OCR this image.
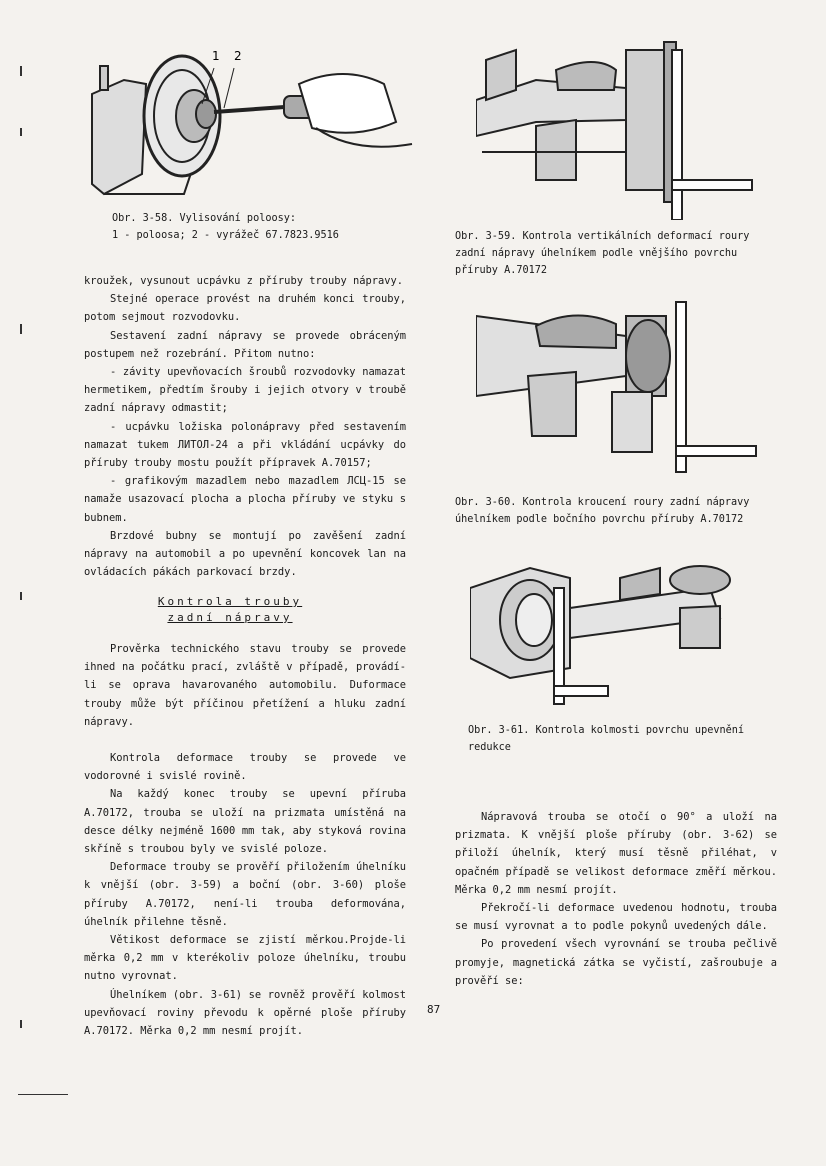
1 2
Obr. 3-58. Vylisování poloosy:
1 - poloosa; 2 - vyrážeč 67.7823.9516	Obr. 3-59. Kontrola vertikálních deformací roury
zadní nápravy úhelníkem podle vnějšího povrchu
příruby A.70172
Obr. 3-60. Kontrola kroucení roury zadní nápravy
úhelníkem podle bočního povrchu příruby A.70172
Obr. 3-61. Kontrola kolmosti povrchu upevnění
redukce

kroužek, vysunout ucpávku z příruby trouby nápravy.

Stejné operace provést na druhém konci trouby, potom sejmout rozvodovku.

Sestavení zadní nápravy se provede obráceným postupem než rozebrání. Přitom nutno:

- závity upevňovacích šroubů rozvodovky namazat hermetikem, předtím šrouby i jejich otvory v troubě zadní nápravy odmastit;

- ucpávku ložiska polonápravy před sestavením namazat tukem ЛИТОЛ-24 a při vkládání ucpávky do příruby trouby mostu použít přípravek A.70157;

- grafikovým mazadlem nebo mazadlem ЛСЦ-15 se namaže usazovací plocha a plocha příruby ve styku s bubnem.

Brzdové bubny se montují po zavěšení zadní nápravy na automobil a po upevnění koncovek lan na ovládacích pákách parkovací brzdy.

Kontrola trouby
zadní nápravy

Prověrka technického stavu trouby se provede ihned na počátku prací, zvláště v případě, provádí-li se oprava havarovaného automobilu. Duformace trouby může být příčinou přetížení a hluku zadní nápravy.

Kontrola deformace trouby se provede ve vodorovné i svislé rovině.

Na každý konec trouby se upevní příruba A.70172, trouba se uloží na prizmata umístěná na desce délky nejméně 1600 mm tak, aby styková rovina skříně s troubou byly ve svislé poloze.

Deformace trouby se prověří přiložením úhelníku k vnější (obr. 3-59) a boční (obr. 3-60) ploše příruby A.70172, není-li trouba deformována, úhelník přilehne těsně.

Větikost deformace se zjistí měrkou.Projde-li měrka 0,2 mm v kterékoliv poloze úhelníku, troubu nutno vyrovnat.

Úhelníkem (obr. 3-61) se rovněž prověří kolmost upevňovací roviny převodu k opěrné ploše příruby A.70172. Měrka 0,2 mm nesmí projít.

Nápravová trouba se otočí o 90° a uloží na prizmata. K vnější ploše příruby (obr. 3-62) se přiloží úhelník, který musí těsně přiléhat, v opačném případě se velikost deformace změří měrkou. Měrka 0,2 mm nesmí projít.

Překročí-li deformace uvedenou hodnotu, trouba se musí vyrovnat a to podle pokynů uvedených dále.

Po provedení všech vyrovnání se trouba pečlivě promyje, magnetická zátka se vyčistí, zašroubuje a prověří se:

87
